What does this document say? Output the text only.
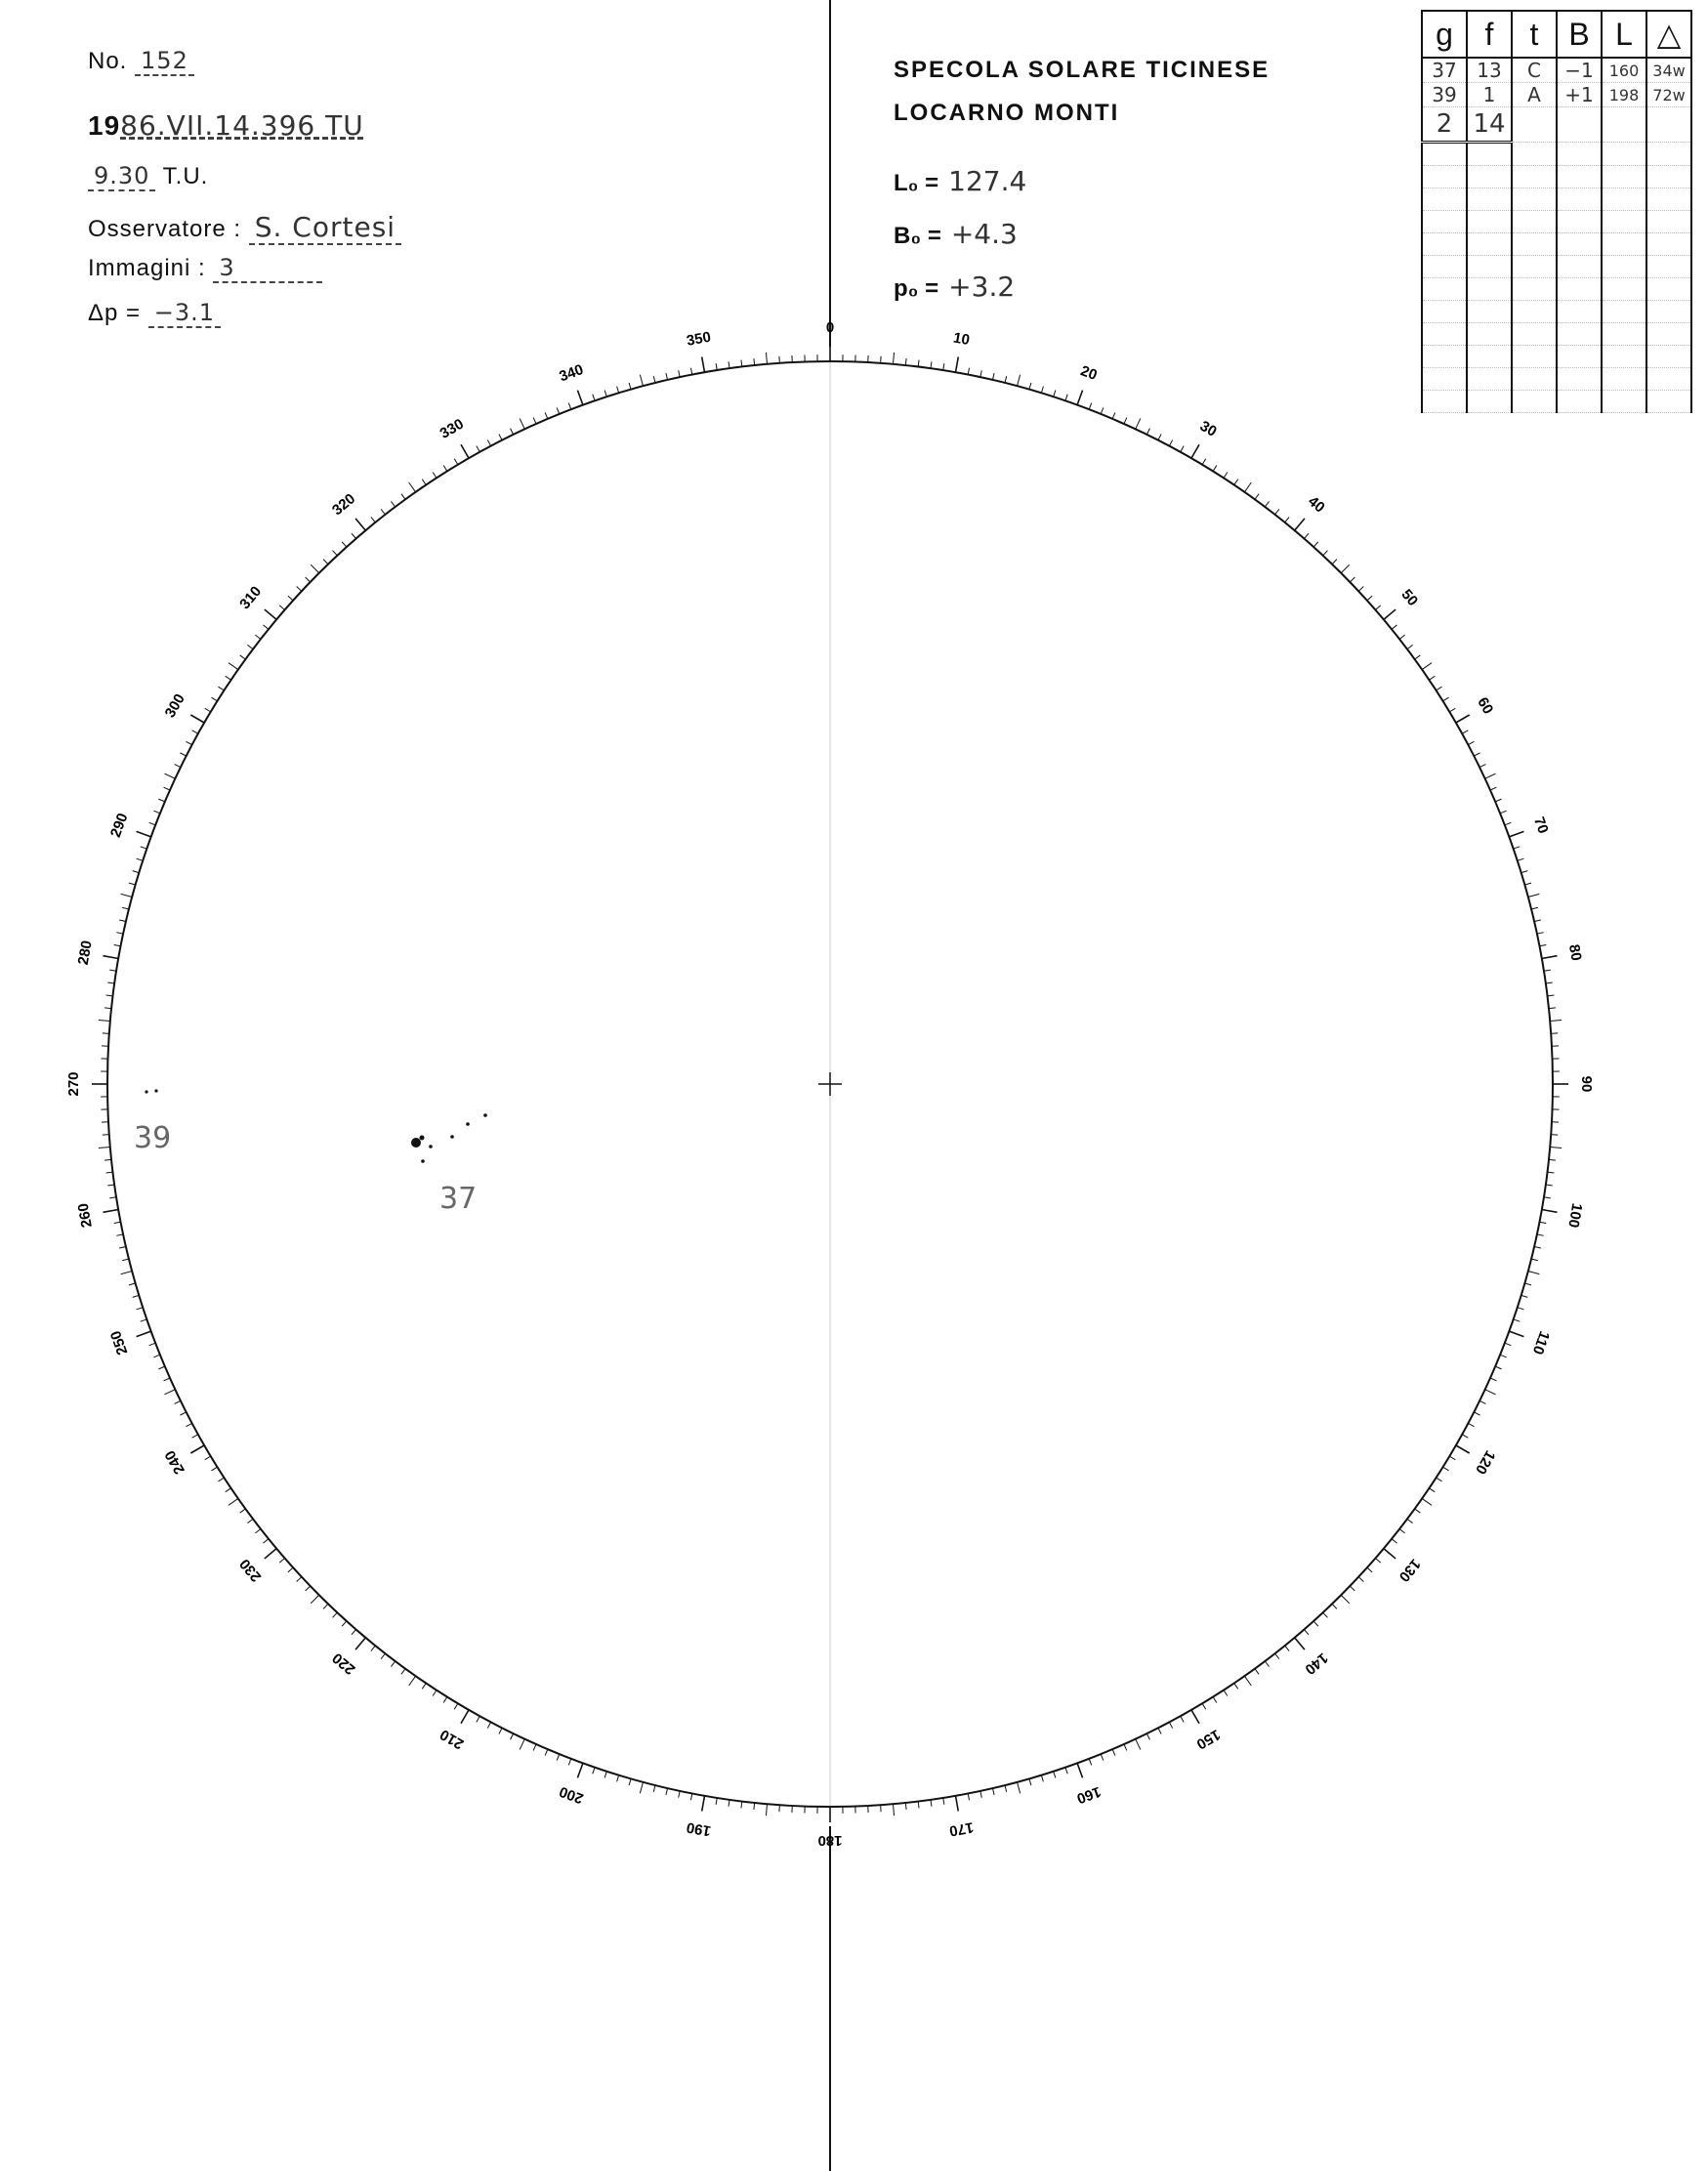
No. 152
1986.VII.14.396 TU
9.30 T.U.
Osservatore : S. Cortesi
Immagini : 3
Δp = −3.1
SPECOLA SOLARE TICINESE
LOCARNO MONTI
L₀ = 127.4
B₀ = +4.3
p₀ = +3.2
g	f	t	B	L	△
37	13	C	−1	160	34w
39	1	A	+1	198	72w
2	14				

0
10
20
30
40
50
60
70
80
90
100
110
120
130
140
150
160
170
180
190
200
210
220
230
240
250
260
270
280
290
300
310
320
330
340
350
37
39
